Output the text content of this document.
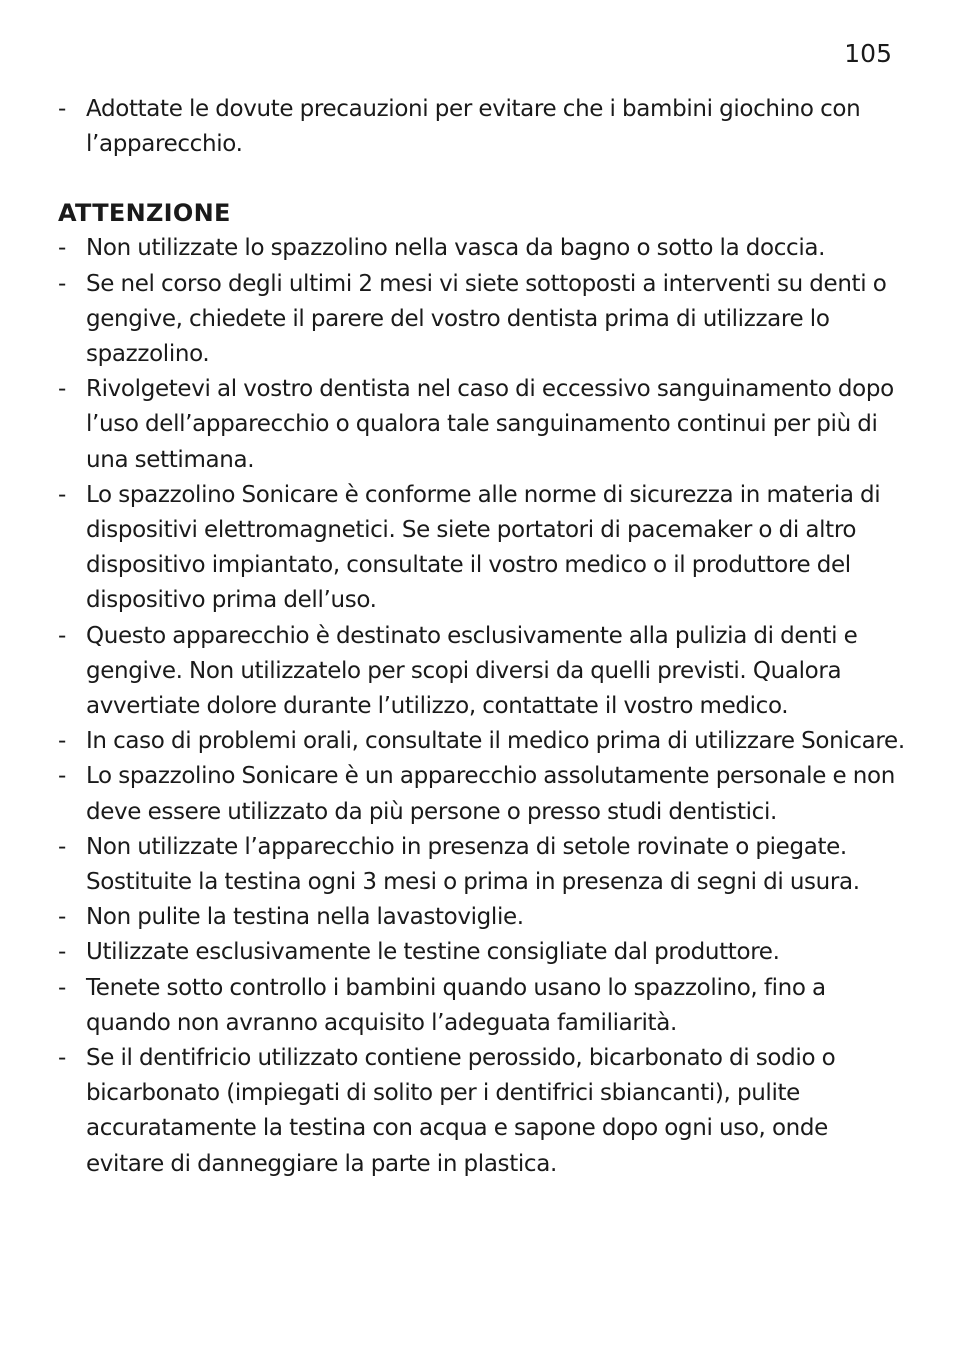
105
- Adottate le dovute precauzioni per evitare che i bambini giochino con l’apparecchio.
ATTENZIONE
- Non utilizzate lo spazzolino nella vasca da bagno o sotto la doccia.
- Se nel corso degli ultimi 2 mesi vi siete sottoposti a interventi su denti o gengive, chiedete il parere del vostro dentista prima di utilizzare lo spazzolino.
- Rivolgetevi al vostro dentista nel caso di eccessivo sanguinamento dopo l’uso dell’apparecchio o qualora tale sanguinamento continui per più di una settimana.
- Lo spazzolino Sonicare è conforme alle norme di sicurezza in materia di dispositivi elettromagnetici. Se siete portatori di pacemaker o di altro dispositivo impiantato, consultate il vostro medico o il produttore del dispositivo prima dell’uso.
- Questo apparecchio è destinato esclusivamente alla pulizia di denti e gengive. Non utilizzatelo per scopi diversi da quelli previsti. Qualora avvertiate dolore durante l’utilizzo, contattate il vostro medico.
- In caso di problemi orali, consultate il medico prima di utilizzare Sonicare.
- Lo spazzolino Sonicare è un apparecchio assolutamente personale e non deve essere utilizzato da più persone o presso studi dentistici.
- Non utilizzate l’apparecchio in presenza di setole rovinate o piegate. Sostituite la testina ogni 3 mesi o prima in presenza di segni di usura.
- Non pulite la testina nella lavastoviglie.
- Utilizzate esclusivamente le testine consigliate dal produttore.
- Tenete sotto controllo i bambini quando usano lo spazzolino, fino a quando non avranno acquisito l’adeguata familiarità.
- Se il dentifricio utilizzato contiene perossido, bicarbonato di sodio o bicarbonato (impiegati di solito per i dentifrici sbiancanti), pulite accuratamente la testina con acqua e sapone dopo ogni uso, onde evitare di danneggiare la parte in plastica.
